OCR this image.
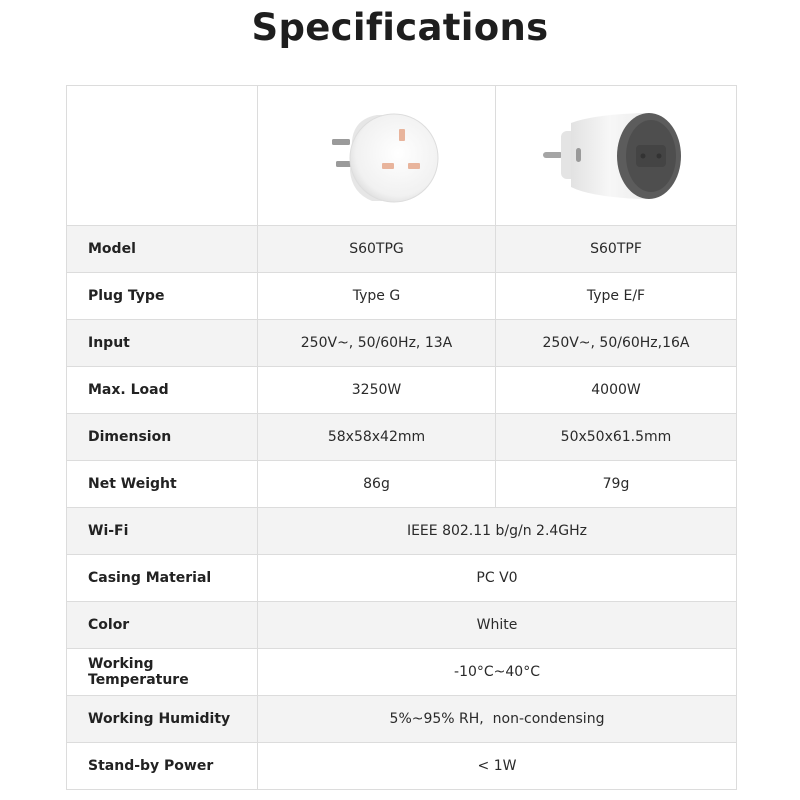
Specifications

Model	S60TPG	S60TPF
Plug Type	Type G	Type E/F
Input	250V~, 50/60Hz, 13A	250V~, 50/60Hz,16A
Max. Load	3250W	4000W
Dimension	58x58x42mm	50x50x61.5mm
Net Weight	86g	79g
Wi-Fi	IEEE 802.11 b/g/n 2.4GHz	
Casing Material	PC V0	
Color	White	
Working Temperature	-10°C~40°C	
Working Humidity	5%~95% RH,  non-condensing	
Stand-by Power	< 1W	
